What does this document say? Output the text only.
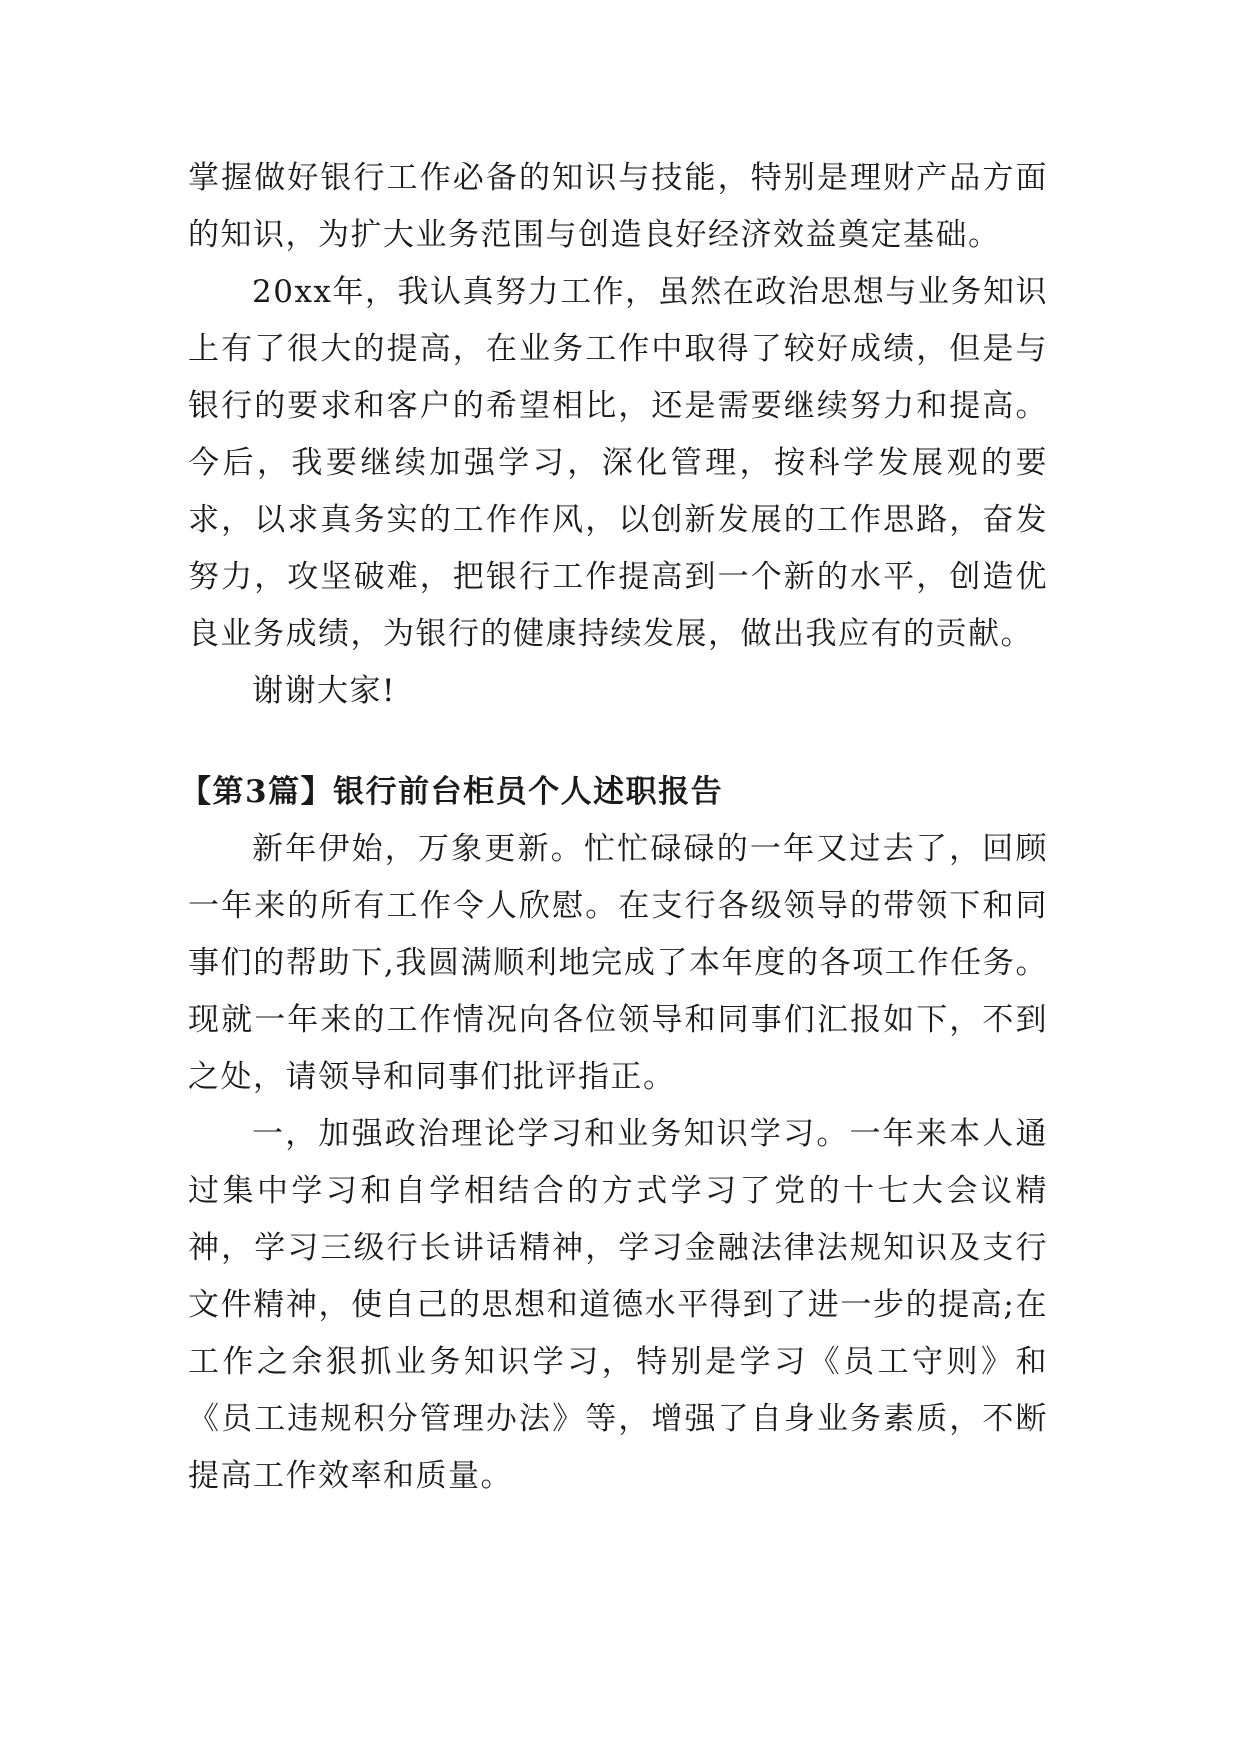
掌握做好银行工作必备的知识与技能，特别是理财产品方面的知识，为扩大业务范围与创造良好经济效益奠定基础。

20xx年，我认真努力工作，虽然在政治思想与业务知识上有了很大的提高，在业务工作中取得了较好成绩，但是与银行的要求和客户的希望相比，还是需要继续努力和提高。今后，我要继续加强学习，深化管理，按科学发展观的要求，以求真务实的工作作风，以创新发展的工作思路，奋发努力，攻坚破难，把银行工作提高到一个新的水平，创造优良业务成绩，为银行的健康持续发展，做出我应有的贡献。

谢谢大家!

【第3篇】银行前台柜员个人述职报告

新年伊始，万象更新。忙忙碌碌的一年又过去了，回顾一年来的所有工作令人欣慰。在支行各级领导的带领下和同事们的帮助下,我圆满顺利地完成了本年度的各项工作任务。现就一年来的工作情况向各位领导和同事们汇报如下，不到之处，请领导和同事们批评指正。

一，加强政治理论学习和业务知识学习。一年来本人通过集中学习和自学相结合的方式学习了党的十七大会议精神，学习三级行长讲话精神，学习金融法律法规知识及支行文件精神，使自己的思想和道德水平得到了进一步的提高;在工作之余狠抓业务知识学习，特别是学习《员工守则》和《员工违规积分管理办法》等，增强了自身业务素质，不断提高工作效率和质量。
